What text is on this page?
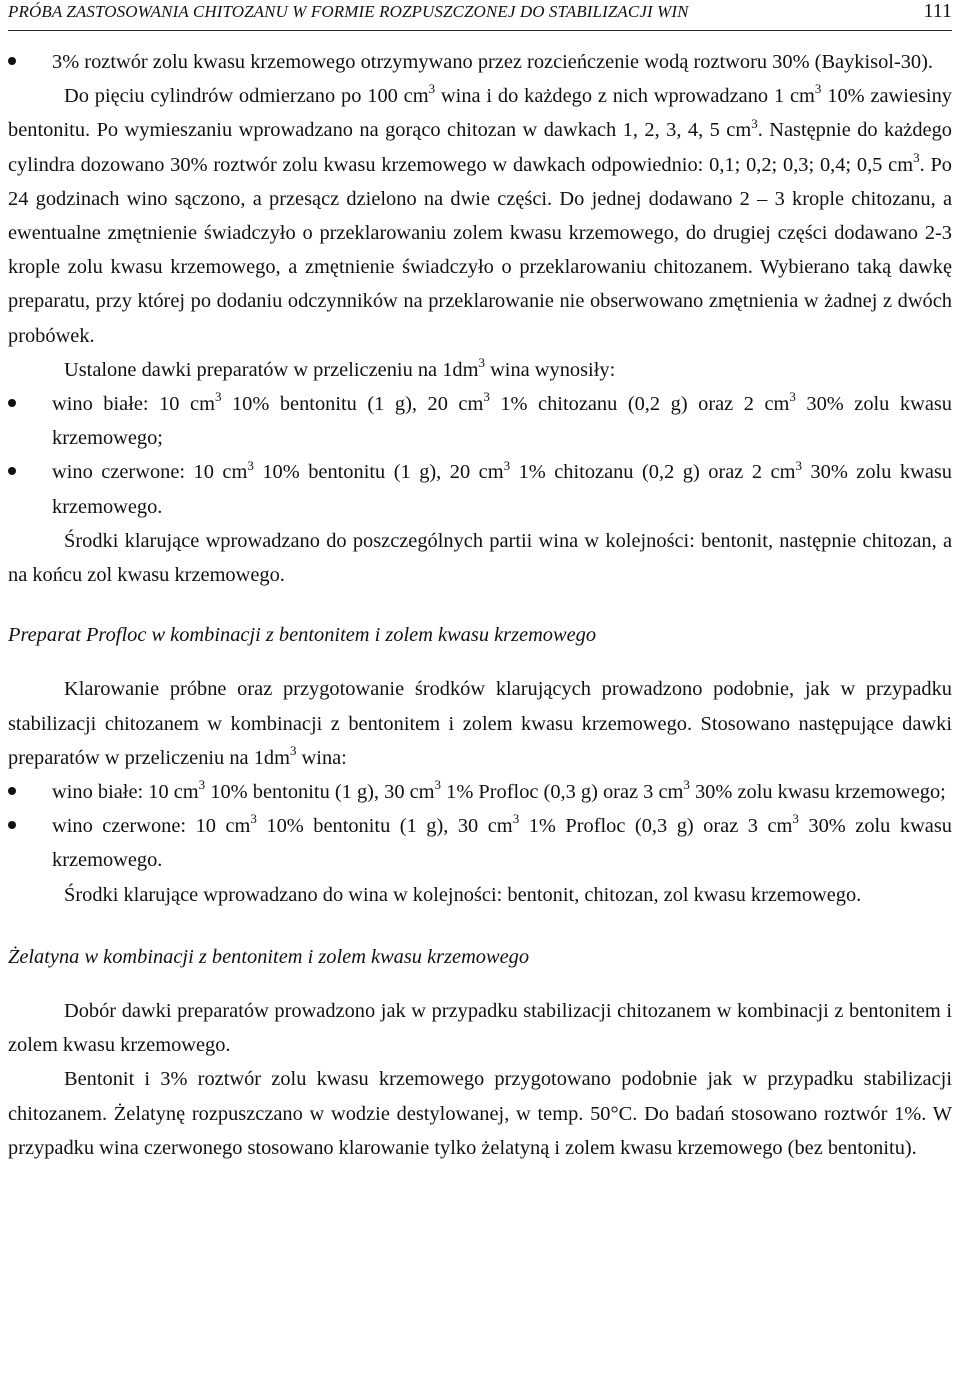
PRÓBA ZASTOSOWANIA CHITOZANU W FORMIE ROZPUSZCZONEJ DO STABILIZACJI WIN	111

3% roztwór zolu kwasu krzemowego otrzymywano przez rozcieńczenie wodą roztworu 30% (Baykisol-30).

Do pięciu cylindrów odmierzano po 100 $cm^3$ wina i do każdego z nich wprowadzano 1 $cm^3$ 10% zawiesiny bentonitu. Po wymieszaniu wprowadzano na gorąco chitozan w dawkach 1, 2, 3, 4, 5 $cm^3$. Następnie do każdego cylindra dozowano 30% roztwór zolu kwasu krzemowego w dawkach odpowiednio: 0,1; 0,2; 0,3; 0,4; 0,5 $cm^3$. Po 24 godzinach wino sączono, a przesącz dzielono na dwie części. Do jednej dodawano 2 – 3 krople chitozanu, a ewentualne zmętnienie świadczyło o przeklarowaniu zolem kwasu krzemowego, do drugiej części dodawano 2-3 krople zolu kwasu krzemowego, a zmętnienie świadczyło o przeklarowaniu chitozanem. Wybierano taką dawkę preparatu, przy której po dodaniu odczynników na przeklarowanie nie obserwowano zmętnienia w żadnej z dwóch probówek.

Ustalone dawki preparatów w przeliczeniu na $1dm^3$ wina wynosiły:

wino białe: 10 $cm^3$ 10% bentonitu (1 g), 20 $cm^3$ 1% chitozanu (0,2 g) oraz 2 $cm^3$ 30% zolu kwasu krzemowego;

wino czerwone: 10 $cm^3$ 10% bentonitu (1 g), 20 $cm^3$ 1% chitozanu (0,2 g) oraz 2 $cm^3$ 30% zolu kwasu krzemowego.

Środki klarujące wprowadzano do poszczególnych partii wina w kolejności: bentonit, następnie chitozan, a na końcu zol kwasu krzemowego.

Preparat Profloc w kombinacji z bentonitem i zolem kwasu krzemowego

Klarowanie próbne oraz przygotowanie środków klarujących prowadzono podobnie, jak w przypadku stabilizacji chitozanem w kombinacji z bentonitem i zolem kwasu krzemowego. Stosowano następujące dawki preparatów w przeliczeniu na $1dm^3$ wina:

wino białe: 10 $cm^3$ 10% bentonitu (1 g), 30 $cm^3$ 1% Profloc (0,3 g) oraz 3 $cm^3$ 30% zolu kwasu krzemowego;

wino czerwone: 10 $cm^3$ 10% bentonitu (1 g), 30 $cm^3$ 1% Profloc (0,3 g) oraz 3 $cm^3$ 30% zolu kwasu krzemowego.

Środki klarujące wprowadzano do wina w kolejności: bentonit, chitozan, zol kwasu krzemowego.

Żelatyna w kombinacji z bentonitem i zolem kwasu krzemowego

Dobór dawki preparatów prowadzono jak w przypadku stabilizacji chitozanem w kombinacji z bentonitem i zolem kwasu krzemowego.

Bentonit i 3% roztwór zolu kwasu krzemowego przygotowano podobnie jak w przypadku stabilizacji chitozanem. Żelatynę rozpuszczano w wodzie destylowanej, w temp. 50°C. Do badań stosowano roztwór 1%. W przypadku wina czerwonego stosowano klarowanie tylko żelatyną i zolem kwasu krzemowego (bez bentonitu).
